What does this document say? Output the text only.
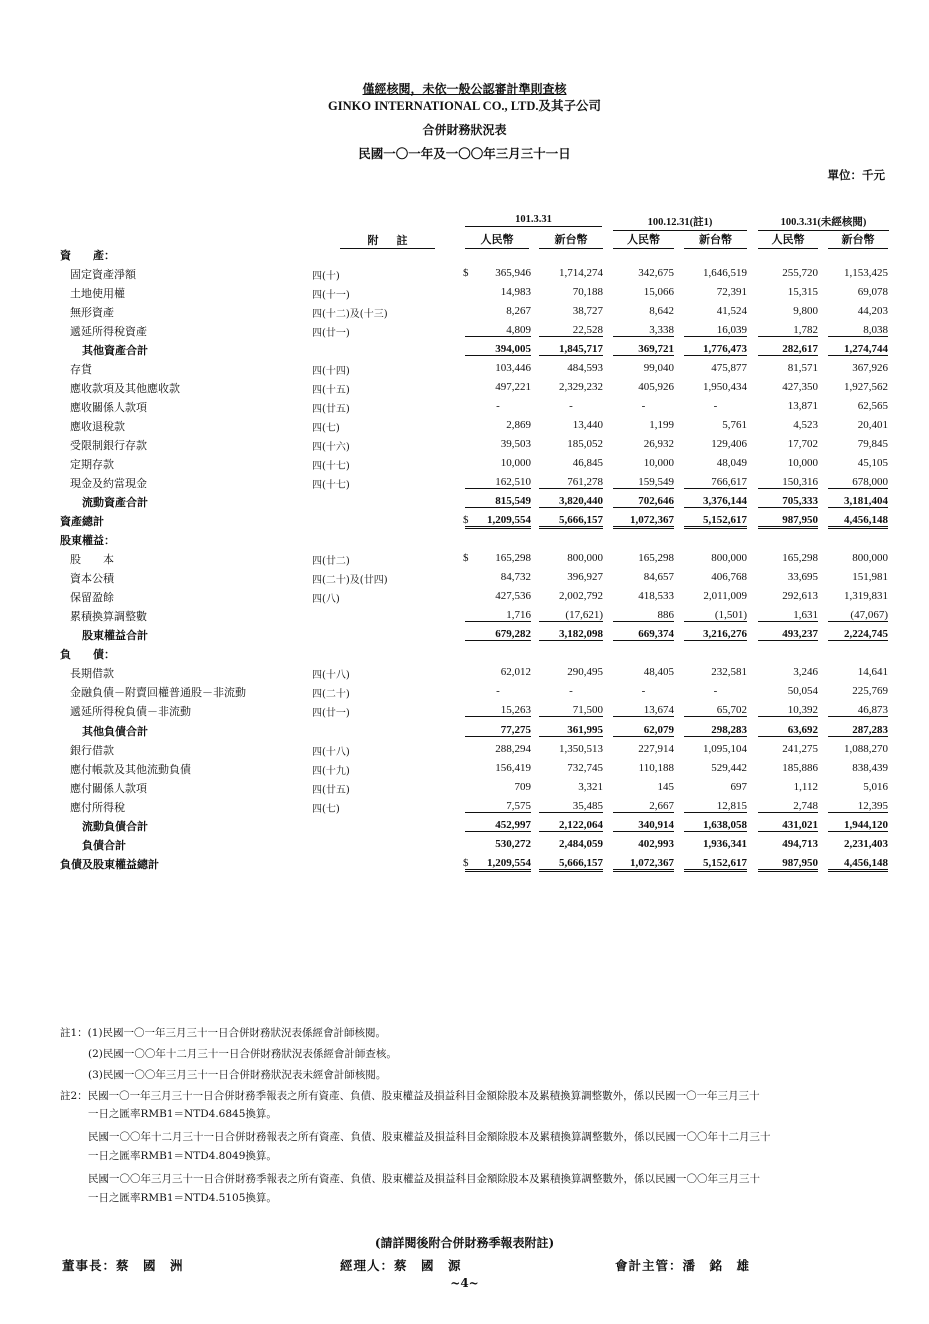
僅經核閱，未依一般公認審計準則查核
GINKO INTERNATIONAL CO., LTD.及其子公司
合併財務狀況表
民國一〇一年及一〇〇年三月三十一日
單位：千元
101.3.31	100.12.31(註1)	100.3.31(未經核閱)
附註	人民幣	新台幣	人民幣	新台幣	人民幣	新台幣
資　　產：
固定資產淨額	四(十)	$	365,946	1,714,274	342,675	1,646,519	255,720	1,153,425
土地使用權	四(十一)	14,983	70,188	15,066	72,391	15,315	69,078
無形資產	四(十二)及(十三)	8,267	38,727	8,642	41,524	9,800	44,203
遞延所得稅資產	四(廿一)	4,809	22,528	3,338	16,039	1,782	8,038
其他資產合計	394,005	1,845,717	369,721	1,776,473	282,617	1,274,744
存貨	四(十四)	103,446	484,593	99,040	475,877	81,571	367,926
應收款項及其他應收款	四(十五)	497,221	2,329,232	405,926	1,950,434	427,350	1,927,562
應收關係人款項	四(廿五)	-	-	-	-	13,871	62,565
應收退稅款	四(七)	2,869	13,440	1,199	5,761	4,523	20,401
受限制銀行存款	四(十六)	39,503	185,052	26,932	129,406	17,702	79,845
定期存款	四(十七)	10,000	46,845	10,000	48,049	10,000	45,105
現金及約當現金	四(十七)	162,510	761,278	159,549	766,617	150,316	678,000
流動資產合計	815,549	3,820,440	702,646	3,376,144	705,333	3,181,404
資產總計	$	1,209,554	5,666,157	1,072,367	5,152,617	987,950	4,456,148
股東權益：
股　　本	四(廿二)	$	165,298	800,000	165,298	800,000	165,298	800,000
資本公積	四(二十)及(廿四)	84,732	396,927	84,657	406,768	33,695	151,981
保留盈餘	四(八)	427,536	2,002,792	418,533	2,011,009	292,613	1,319,831
累積換算調整數	1,716	(17,621)	886	(1,501)	1,631	(47,067)
股東權益合計	679,282	3,182,098	669,374	3,216,276	493,237	2,224,745
負　　債：
長期借款	四(十八)	62,012	290,495	48,405	232,581	3,246	14,641
金融負債－附賣回權普通股－非流動	四(二十)	-	-	-	-	50,054	225,769
遞延所得稅負債－非流動	四(廿一)	15,263	71,500	13,674	65,702	10,392	46,873
其他負債合計	77,275	361,995	62,079	298,283	63,692	287,283
銀行借款	四(十八)	288,294	1,350,513	227,914	1,095,104	241,275	1,088,270
應付帳款及其他流動負債	四(十九)	156,419	732,745	110,188	529,442	185,886	838,439
應付關係人款項	四(廿五)	709	3,321	145	697	1,112	5,016
應付所得稅	四(七)	7,575	35,485	2,667	12,815	2,748	12,395
流動負債合計	452,997	2,122,064	340,914	1,638,058	431,021	1,944,120
負債合計	530,272	2,484,059	402,993	1,936,341	494,713	2,231,403
負債及股東權益總計	$	1,209,554	5,666,157	1,072,367	5,152,617	987,950	4,456,148
註1：(1)民國一〇一年三月三十一日合併財務狀況表係經會計師核閱。
(2)民國一〇〇年十二月三十一日合併財務狀況表係經會計師查核。
(3)民國一〇〇年三月三十一日合併財務狀況表未經會計師核閱。
註2：民國一〇一年三月三十一日合併財務季報表之所有資產、負債、股東權益及損益科目金額除股本及累積換算調整數外，係以民國一〇一年三月三十
一日之匯率RMB1＝NTD4.6845換算。
民國一〇〇年十二月三十一日合併財務報表之所有資產、負債、股東權益及損益科目金額除股本及累積換算調整數外，係以民國一〇〇年十二月三十
一日之匯率RMB1＝NTD4.8049換算。
民國一〇〇年三月三十一日合併財務季報表之所有資產、負債、股東權益及損益科目金額除股本及累積換算調整數外，係以民國一〇〇年三月三十
一日之匯率RMB1＝NTD4.5105換算。
(請詳閱後附合併財務季報表附註)
董事長：蔡　國　洲	經理人：蔡　國　源	會計主管：潘　銘　雄
~4~
